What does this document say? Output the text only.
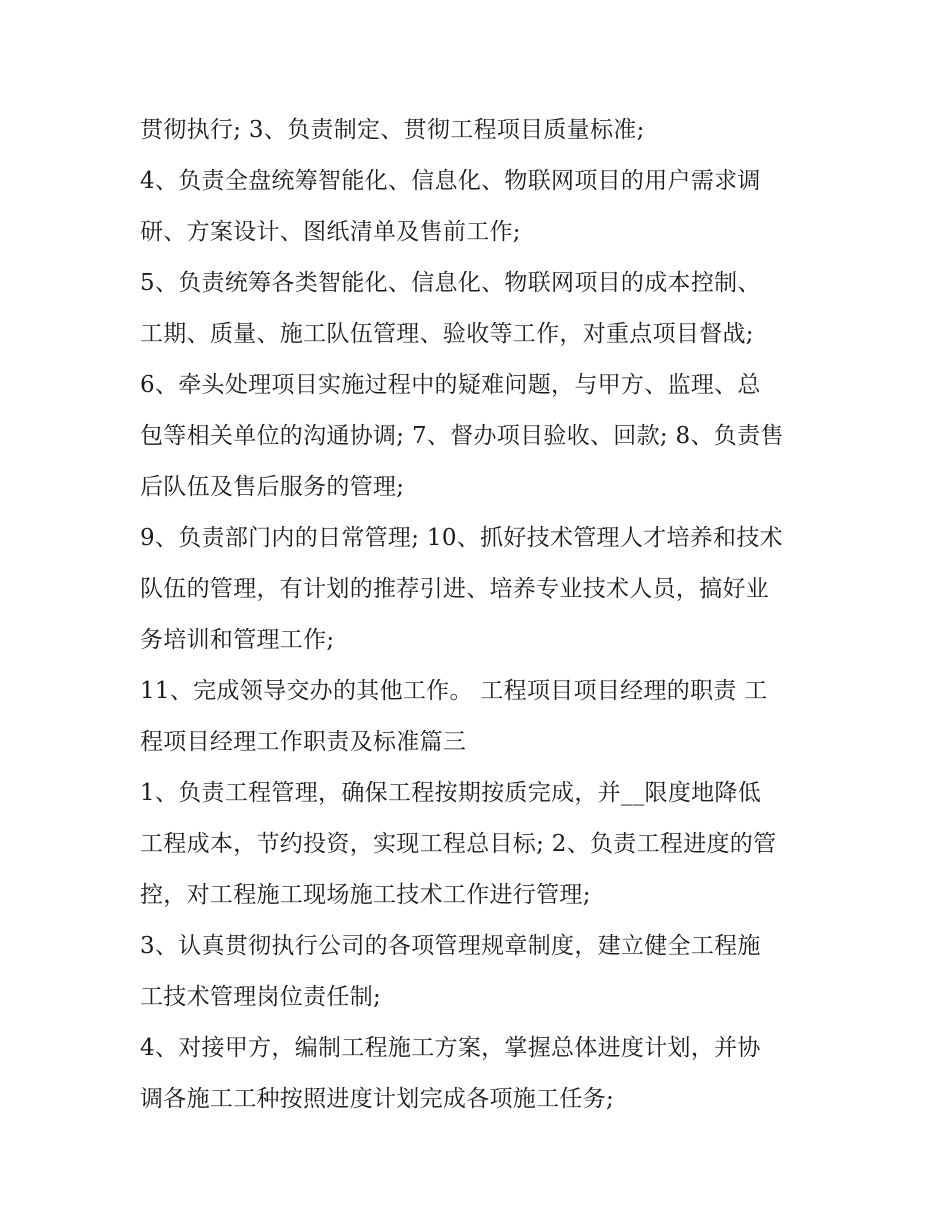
贯彻执行; 3、负责制定、贯彻工程项目质量标准;
4、负责全盘统筹智能化、信息化、物联网项目的用户需求调
研、方案设计、图纸清单及售前工作;
5、负责统筹各类智能化、信息化、物联网项目的成本控制、
工期、质量、施工队伍管理、验收等工作，对重点项目督战;
6、牵头处理项目实施过程中的疑难问题，与甲方、监理、总
包等相关单位的沟通协调; 7、督办项目验收、回款; 8、负责售
后队伍及售后服务的管理;
9、负责部门内的日常管理; 10、抓好技术管理人才培养和技术
队伍的管理，有计划的推荐引进、培养专业技术人员，搞好业
务培训和管理工作;
11、完成领导交办的其他工作。 工程项目项目经理的职责 工
程项目经理工作职责及标准篇三
1、负责工程管理，确保工程按期按质完成，并__限度地降低
工程成本，节约投资，实现工程总目标; 2、负责工程进度的管
控，对工程施工现场施工技术工作进行管理;
3、认真贯彻执行公司的各项管理规章制度，建立健全工程施
工技术管理岗位责任制;
4、对接甲方，编制工程施工方案，掌握总体进度计划，并协
调各施工工种按照进度计划完成各项施工任务;
